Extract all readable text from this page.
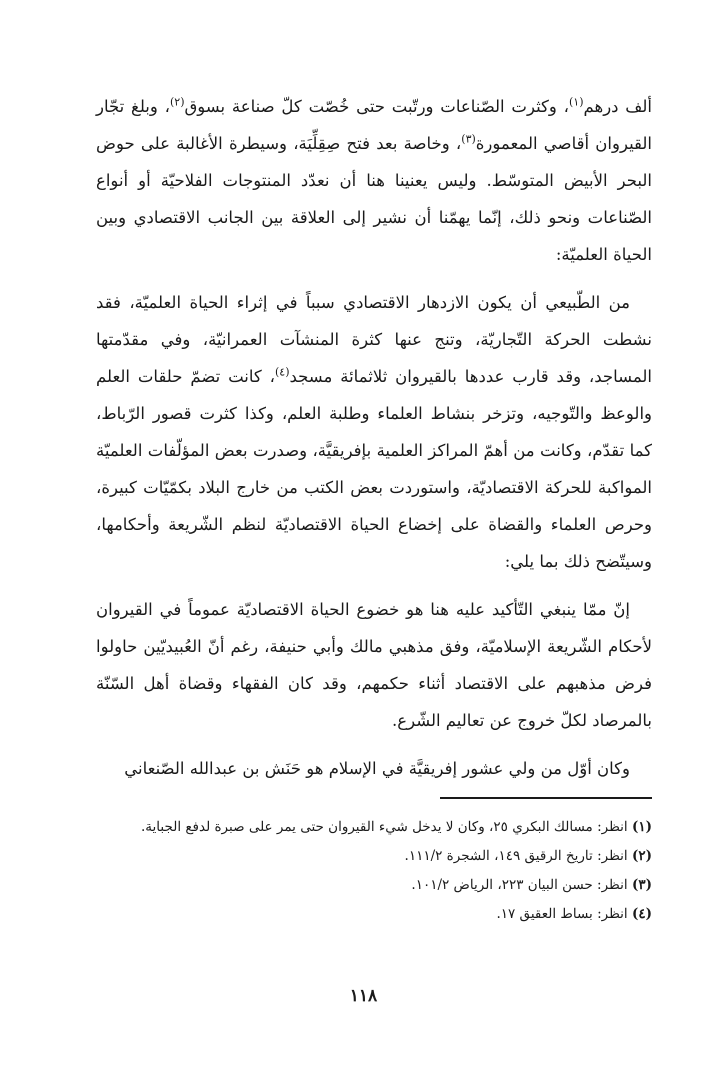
ألف درهم$^{(١)}$، وكثرت الصّناعات ورتّبت حتى خُصّت كلّ صناعة بسوق$^{(٢)}$، وبلغ تجّار القيروان أقاصي المعمورة$^{(٣)}$، وخاصة بعد فتح صِقِلِّيَة، وسيطرة الأغالبة على حوض البحر الأبيض المتوسّط. وليس يعنينا هنا أن نعدّد المنتوجات الفلاحيّة أو أنواع الصّناعات ونحو ذلك، إنّما يهمّنا أن نشير إلى العلاقة بين الجانب الاقتصادي وبين الحياة العلميّة:

من الطّبيعي أن يكون الازدهار الاقتصادي سبباً في إثراء الحياة العلميّة، فقد نشطت الحركة التّجاريّة، وتنج عنها كثرة المنشآت العمرانيّة، وفي مقدّمتها المساجد، وقد قارب عددها بالقيروان ثلاثمائة مسجد$^{(٤)}$، كانت تضمّ حلقات العلم والوعظ والتّوجيه، وتزخر بنشاط العلماء وطلبة العلم، وكذا كثرت قصور الرّباط، كما تقدّم، وكانت من أهمّ المراكز العلمية بإفريقيَّة، وصدرت بعض المؤلّفات العلميّة المواكبة للحركة الاقتصاديّة، واستوردت بعض الكتب من خارج البلاد بكمّيّات كبيرة، وحرص العلماء والقضاة على إخضاع الحياة الاقتصاديّة لنظم الشّريعة وأحكامها، وسيتّضح ذلك بما يلي:

إنّ ممّا ينبغي التّأكيد عليه هنا هو خضوع الحياة الاقتصاديّة عموماً في القيروان لأحكام الشّريعة الإسلاميّة، وفق مذهبي مالك وأبي حنيفة، رغم أنّ العُبيديّين حاولوا فرض مذهبهم على الاقتصاد أثناء حكمهم، وقد كان الفقهاء وقضاة أهل السّنّة بالمرصاد لكلّ خروج عن تعاليم الشّرع.

وكان أوّل من ولي عشور إفريقيَّة في الإسلام هو حَنَش بن عبدالله الصّنعاني

(١) انظر: مسالك البكري ٢٥، وكان لا يدخل شيء القيروان حتى يمر على صبرة لدفع الجباية.

(٢) انظر: تاريخ الرقيق ١٤٩، الشجرة ١١١/٢.

(٣) انظر: حسن البيان ٢٢٣، الرياض ١٠١/٢.

(٤) انظر: بساط العقيق ١٧.

١١٨
